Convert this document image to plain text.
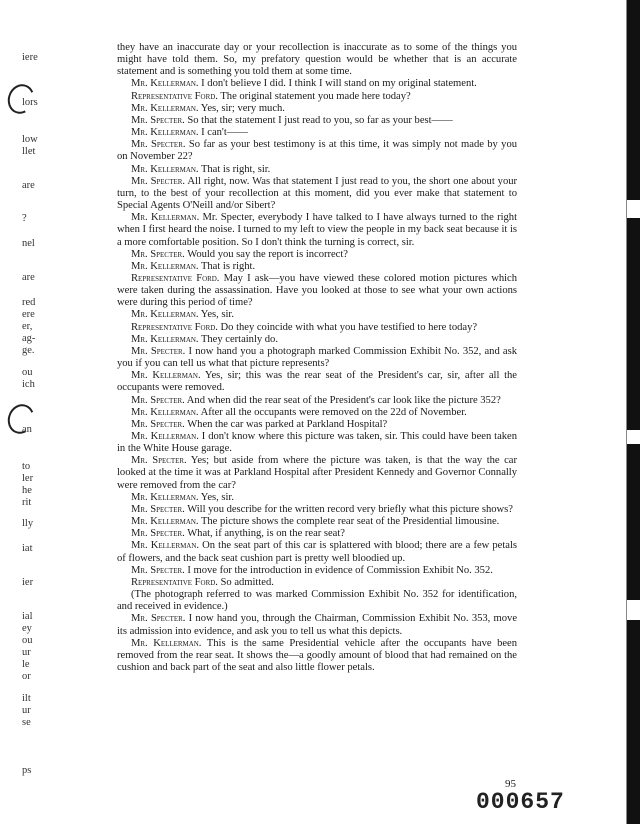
iere
lors
low
llet
are
?
nel
are
red
ere
er,
ag-
ge.
ou
ich
an
to
ler
he
rit
lly
iat
ier
ial
ey
ou
ur
le
or
ilt
ur
se
ps

they have an inaccurate day or your recollection is inaccurate as to some of the things you might have told them. So, my prefatory question would be whether that is an accurate statement and is something you told them at some time.

Mr. Kellerman. I don't believe I did. I think I will stand on my original statement.

Representative Ford. The original statement you made here today?

Mr. Kellerman. Yes, sir; very much.

Mr. Specter. So that the statement I just read to you, so far as your best——

Mr. Kellerman. I can't——

Mr. Specter. So far as your best testimony is at this time, it was simply not made by you on November 22?

Mr. Kellerman. That is right, sir.

Mr. Specter. All right, now. Was that statement I just read to you, the short one about your turn, to the best of your recollection at this moment, did you ever make that statement to Special Agents O'Neill and/or Sibert?

Mr. Kellerman. Mr. Specter, everybody I have talked to I have always turned to the right when I first heard the noise. I turned to my left to view the people in my back seat because it is a more comfortable position. So I don't think the turning is correct, sir.

Mr. Specter. Would you say the report is incorrect?

Mr. Kellerman. That is right.

Representative Ford. May I ask—you have viewed these colored motion pictures which were taken during the assassination. Have you looked at those to see what your own actions were during this period of time?

Mr. Kellerman. Yes, sir.

Representative Ford. Do they coincide with what you have testified to here today?

Mr. Kellerman. They certainly do.

Mr. Specter. I now hand you a photograph marked Commission Exhibit No. 352, and ask you if you can tell us what that picture represents?

Mr. Kellerman. Yes, sir; this was the rear seat of the President's car, sir, after all the occupants were removed.

Mr. Specter. And when did the rear seat of the President's car look like the picture 352?

Mr. Kellerman. After all the occupants were removed on the 22d of November.

Mr. Specter. When the car was parked at Parkland Hospital?

Mr. Kellerman. I don't know where this picture was taken, sir. This could have been taken in the White House garage.

Mr. Specter. Yes; but aside from where the picture was taken, is that the way the car looked at the time it was at Parkland Hospital after President Kennedy and Governor Connally were removed from the car?

Mr. Kellerman. Yes, sir.

Mr. Specter. Will you describe for the written record very briefly what this picture shows?

Mr. Kellerman. The picture shows the complete rear seat of the Presidential limousine.

Mr. Specter. What, if anything, is on the rear seat?

Mr. Kellerman. On the seat part of this car is splattered with blood; there are a few petals of flowers, and the back seat cushion part is pretty well bloodied up.

Mr. Specter. I move for the introduction in evidence of Commission Exhibit No. 352.

Representative Ford. So admitted.

(The photograph referred to was marked Commission Exhibit No. 352 for identification, and received in evidence.)

Mr. Specter. I now hand you, through the Chairman, Commission Exhibit No. 353, move its admission into evidence, and ask you to tell us what this depicts.

Mr. Kellerman. This is the same Presidential vehicle after the occupants have been removed from the rear seat. It shows the—a goodly amount of blood that had remained on the cushion and back part of the seat and also little flower petals.

95
000657
